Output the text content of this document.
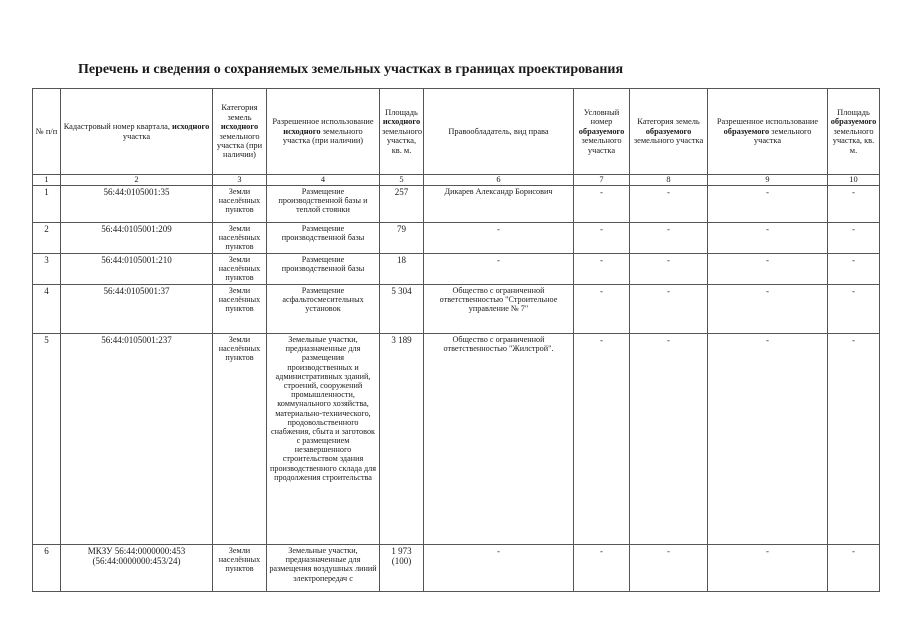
Перечень и сведения о сохраняемых земельных участках в границах проектирования
№ п/п	Кадастровый номер квартала, исходного участка	Категория земель исходного земельного участка (при наличии)	Разрешенное использование исходного земельного участка (при наличии)	Площадь исходного земельного участка, кв. м.	Правообладатель, вид права	Условный номер образуемого земельного участка	Категория земель образуемого земельного участка	Разрешенное использование образуемого земельного участка	Площадь образуемого земельного участка, кв. м.
1	2	3	4	5	6	7	8	9	10
1	56:44:0105001:35	Земли населённых пунктов	Размещение производственной базы и теплой стоянки	257	Дикарев Александр Борисович	-	-	-	-
2	56:44:0105001:209	Земли населённых пунктов	Размещение производственной базы	79	-	-	-	-	-
3	56:44:0105001:210	Земли населённых пунктов	Размещение производственной базы	18	-	-	-	-	-
4	56:44:0105001:37	Земли населённых пунктов	Размещение асфальтосмесительных установок	5 304	Общество с ограниченной ответственностью "Строительное управление № 7"	-	-	-	-
5	56:44:0105001:237	Земли населённых пунктов	Земельные участки, предназначенные для размещения производственных и административных зданий, строений, сооружений промышленности, коммунального хозяйства, материально-технического, продовольственного снабжения, сбыта и заготовок с размещением незавершенного строительством здания производственного склада для продолжения строительства	3 189	Общество с ограниченной ответственностью "Жилстрой".	-	-	-	-
6	МКЗУ 56:44:0000000:453 (56:44:0000000:453/24)	Земли населённых пунктов	Земельные участки, предназначенные для размещения воздушных линий электропередач с	1 973 (100)	-	-	-	-	-
